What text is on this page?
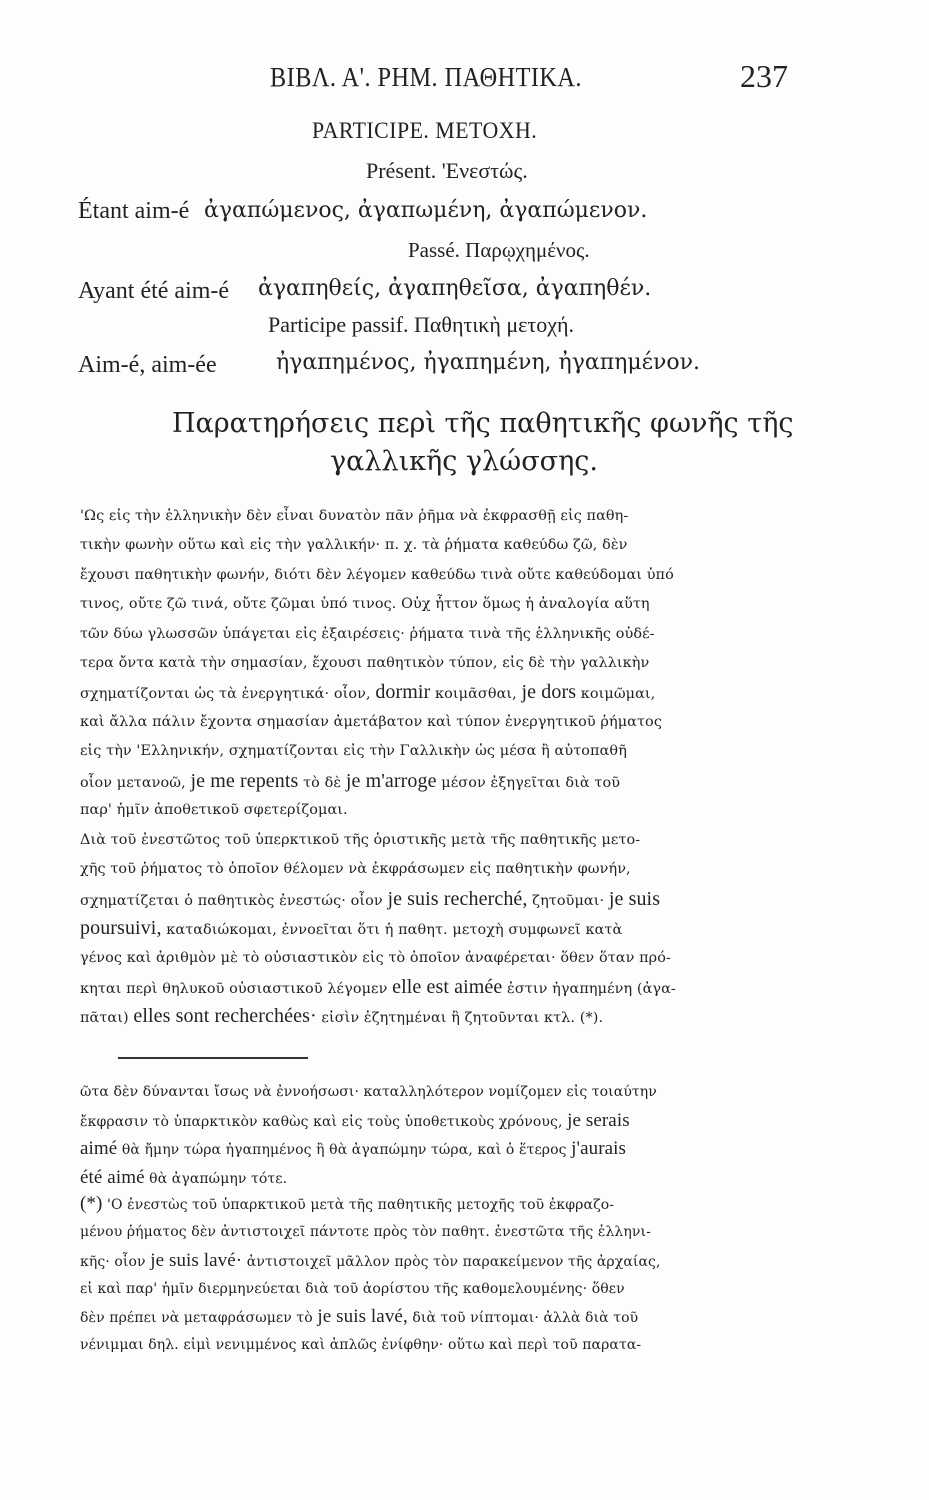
ΒΙΒΛ. Α'. ΡΗΜ. ΠΑΘΗΤΙΚΑ.	237
PARTICIPE. ΜΕΤΟΧΗ.
Présent. 'Ενεστώς.
Étant aim-é ἀγαπώμενος, ἀγαπωμένη, ἀγαπώμενον.
Passé. Παρῳχημένος.
Ayant été aim-é ἀγαπηθείς, ἀγαπηθεῖσα, ἀγαπηθέν.
Participe passif. Παθητικὴ μετοχή.
Aim-é, aim-ée	ἠγαπημένος, ἠγαπημένη, ἠγαπημένον.
Παρατηρήσεις περὶ τῆς παθητικῆς φωνῆς τῆς
γαλλικῆς γλώσσης.
'Ως εἰς τὴν ἑλληνικὴν δὲν εἶναι δυνατὸν πᾶν ῥῆμα νὰ ἐκφρασθῇ εἰς παθη-
τικὴν φωνὴν οὕτω καὶ εἰς τὴν γαλλικήν· π. χ. τὰ ῥήματα καθεύδω ζῶ, δὲν
ἔχουσι παθητικὴν φωνήν, διότι δὲν λέγομεν καθεύδω τινὰ οὔτε καθεύδομαι ὑπό
τινος, οὔτε ζῶ τινά, οὔτε ζῶμαι ὑπό τινος. Οὐχ ἧττον ὅμως ἡ ἀναλογία αὕτη
τῶν δύω γλωσσῶν ὑπάγεται εἰς ἐξαιρέσεις· ῥήματα τινὰ τῆς ἑλληνικῆς οὐδέ-
τερα ὄντα κατὰ τὴν σημασίαν, ἔχουσι παθητικὸν τύπον, εἰς δὲ τὴν γαλλικὴν
σχηματίζονται ὡς τὰ ἐνεργητικά· οἷον, dormir κοιμᾶσθαι, je dors κοιμῶμαι,
καὶ ἄλλα πάλιν ἔχοντα σημασίαν ἀμετάβατον καὶ τύπον ἐνεργητικοῦ ῥήματος
εἰς τὴν 'Ελληνικήν, σχηματίζονται εἰς τὴν Γαλλικὴν ὡς μέσα ἢ αὐτοπαθῆ
οἷον μετανοῶ, je me repents τὸ δὲ je m'arroge μέσον ἐξηγεῖται διὰ τοῦ
παρ' ἡμῖν ἀποθετικοῦ σφετερίζομαι.
Διὰ τοῦ ἐνεστῶτος τοῦ ὑπερκτικοῦ τῆς ὁριστικῆς μετὰ τῆς παθητικῆς μετο-
χῆς τοῦ ῥήματος τὸ ὁποῖον θέλομεν νὰ ἐκφράσωμεν εἰς παθητικὴν φωνήν,
σχηματίζεται ὁ παθητικὸς ἐνεστώς· οἷον je suis recherché, ζητοῦμαι· je suis
poursuivi, καταδιώκομαι, ἐννοεῖται ὅτι ἡ παθητ. μετοχὴ συμφωνεῖ κατὰ
γένος καὶ ἀριθμὸν μὲ τὸ οὐσιαστικὸν εἰς τὸ ὁποῖον ἀναφέρεται· ὅθεν ὅταν πρό-
κηται περὶ θηλυκοῦ οὐσιαστικοῦ λέγομεν elle est aimée ἐστιν ἠγαπημένη (ἀγα-
πᾶται) elles sont recherchées· εἰσὶν ἐζητημέναι ἢ ζητοῦνται κτλ. (*).
ῶτα δὲν δύνανται ἴσως νὰ ἐννοήσωσι· καταλληλότερον νομίζομεν εἰς τοιαύτην
ἔκφρασιν τὸ ὑπαρκτικὸν καθὼς καὶ εἰς τοὺς ὑποθετικοὺς χρόνους, je serais
aimé θὰ ἤμην τώρα ἠγαπημένος ἢ θὰ ἀγαπώμην τώρα, καὶ ὁ ἕτερος j'aurais
été aimé θὰ ἀγαπώμην τότε.
(*) 'Ο ἐνεστὼς τοῦ ὑπαρκτικοῦ μετὰ τῆς παθητικῆς μετοχῆς τοῦ ἐκφραζο-
μένου ῥήματος δὲν ἀντιστοιχεῖ πάντοτε πρὸς τὸν παθητ. ἐνεστῶτα τῆς ἑλληνι-
κῆς· οἷον je suis lavé· ἀντιστοιχεῖ μᾶλλον πρὸς τὸν παρακείμενον τῆς ἀρχαίας,
εἰ καὶ παρ' ἡμῖν διερμηνεύεται διὰ τοῦ ἀορίστου τῆς καθομελουμένης· ὅθεν
δὲν πρέπει νὰ μεταφράσωμεν τὸ je suis lavé, διὰ τοῦ νίπτομαι· ἀλλὰ διὰ τοῦ
νένιμμαι δηλ. εἰμὶ νενιμμένος καὶ ἁπλῶς ἐνίφθην· οὕτω καὶ περὶ τοῦ παρατα-
